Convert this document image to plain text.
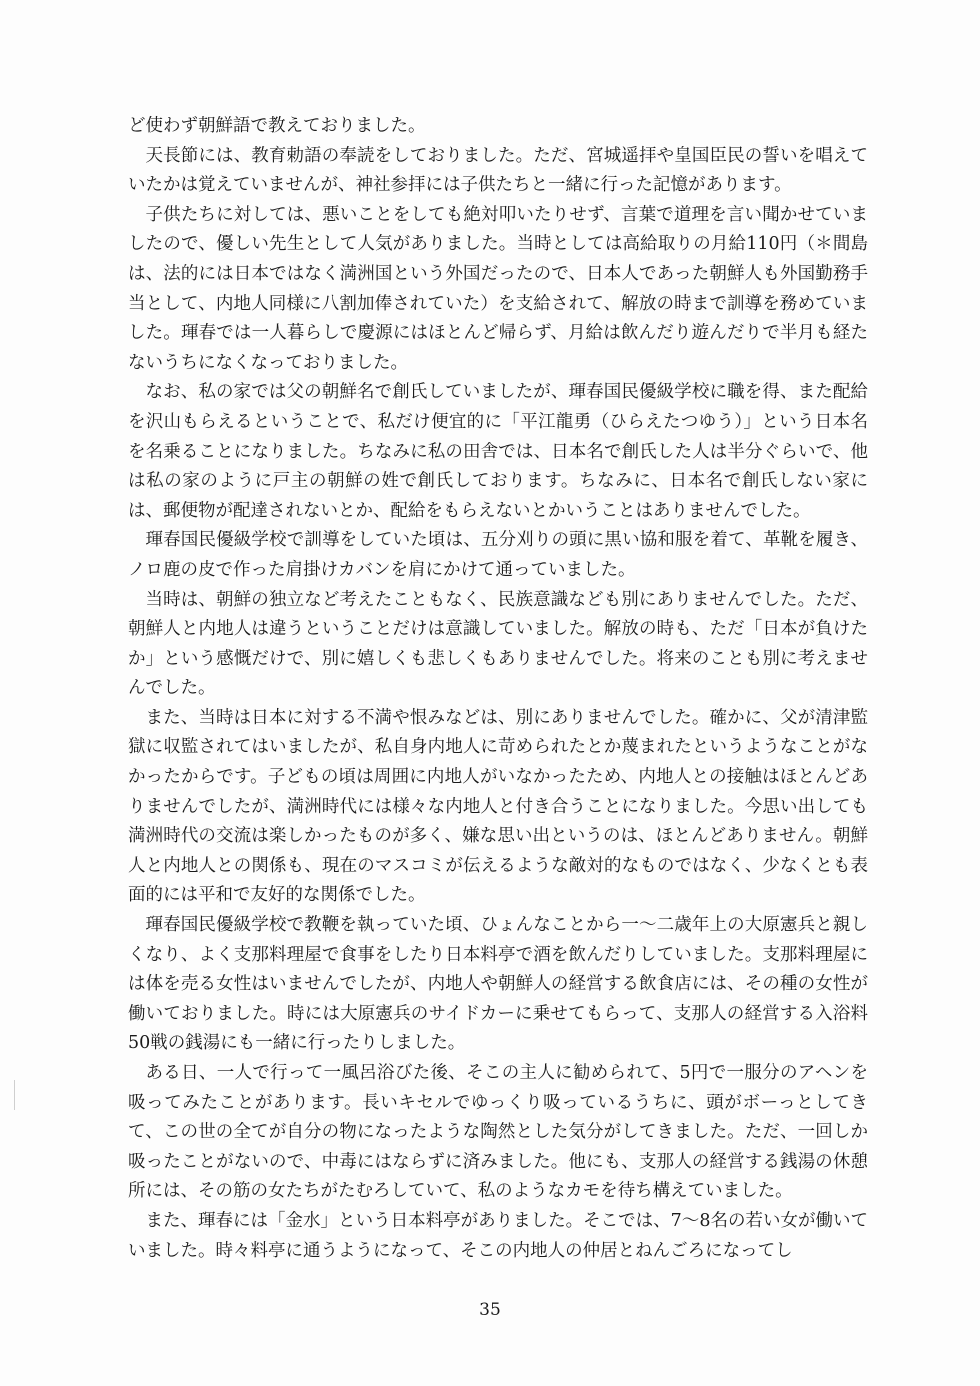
ど使わず朝鮮語で教えておりました。

天長節には、教育勅語の奉読をしておりました。ただ、宮城遥拝や皇国臣民の誓いを唱えていたかは覚えていませんが、神社参拝には子供たちと一緒に行った記憶があります。

子供たちに対しては、悪いことをしても絶対叩いたりせず、言葉で道理を言い聞かせていましたので、優しい先生として人気がありました。当時としては高給取りの月給110円（＊間島は、法的には日本ではなく満洲国という外国だったので、日本人であった朝鮮人も外国勤務手当として、内地人同様に八割加俸されていた）を支給されて、解放の時まで訓導を務めていました。琿春では一人暮らしで慶源にはほとんど帰らず、月給は飲んだり遊んだりで半月も経たないうちになくなっておりました。

なお、私の家では父の朝鮮名で創氏していましたが、琿春国民優級学校に職を得、また配給を沢山もらえるということで、私だけ便宜的に「平江龍勇（ひらえたつゆう）」という日本名を名乗ることになりました。ちなみに私の田舎では、日本名で創氏した人は半分ぐらいで、他は私の家のように戸主の朝鮮の姓で創氏しております。ちなみに、日本名で創氏しない家には、郵便物が配達されないとか、配給をもらえないとかいうことはありませんでした。

琿春国民優級学校で訓導をしていた頃は、五分刈りの頭に黒い協和服を着て、革靴を履き、ノロ鹿の皮で作った肩掛けカバンを肩にかけて通っていました。

当時は、朝鮮の独立など考えたこともなく、民族意識なども別にありませんでした。ただ、朝鮮人と内地人は違うということだけは意識していました。解放の時も、ただ「日本が負けたか」という感慨だけで、別に嬉しくも悲しくもありませんでした。将来のことも別に考えませんでした。

また、当時は日本に対する不満や恨みなどは、別にありませんでした。確かに、父が清津監獄に収監されてはいましたが、私自身内地人に苛められたとか蔑まれたというようなことがなかったからです。子どもの頃は周囲に内地人がいなかったため、内地人との接触はほとんどありませんでしたが、満洲時代には様々な内地人と付き合うことになりました。今思い出しても満洲時代の交流は楽しかったものが多く、嫌な思い出というのは、ほとんどありません。朝鮮人と内地人との関係も、現在のマスコミが伝えるような敵対的なものではなく、少なくとも表面的には平和で友好的な関係でした。

琿春国民優級学校で教鞭を執っていた頃、ひょんなことから一～二歳年上の大原憲兵と親しくなり、よく支那料理屋で食事をしたり日本料亭で酒を飲んだりしていました。支那料理屋には体を売る女性はいませんでしたが、内地人や朝鮮人の経営する飲食店には、その種の女性が働いておりました。時には大原憲兵のサイドカーに乗せてもらって、支那人の経営する入浴料50戦の銭湯にも一緒に行ったりしました。

ある日、一人で行って一風呂浴びた後、そこの主人に勧められて、5円で一服分のアヘンを吸ってみたことがあります。長いキセルでゆっくり吸っているうちに、頭がボーっとしてきて、この世の全てが自分の物になったような陶然とした気分がしてきました。ただ、一回しか吸ったことがないので、中毒にはならずに済みました。他にも、支那人の経営する銭湯の休憩所には、その筋の女たちがたむろしていて、私のようなカモを待ち構えていました。

また、琿春には「金水」という日本料亭がありました。そこでは、7～8名の若い女が働いていました。時々料亭に通うようになって、そこの内地人の仲居とねんごろになってし

35
